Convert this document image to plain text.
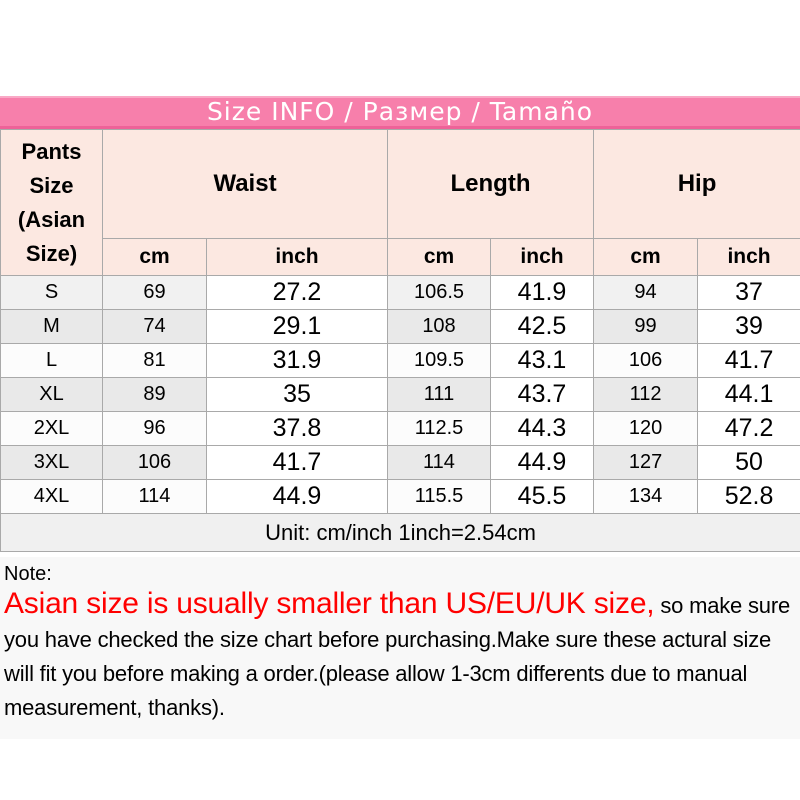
Size INFO / Размер / Tamaño
Pants Size (Asian Size)	Waist		Length		Hip	
	cm	inch	cm	inch	cm	inch
S	69	27.2	106.5	41.9	94	37
M	74	29.1	108	42.5	99	39
L	81	31.9	109.5	43.1	106	41.7
XL	89	35	111	43.7	112	44.1
2XL	96	37.8	112.5	44.3	120	47.2
3XL	106	41.7	114	44.9	127	50
4XL	114	44.9	115.5	45.5	134	52.8
Unit: cm/inch 1inch=2.54cm						
Note:

Asian size is usually smaller than US/EU/UK size, so make sure you have checked the size chart before purchasing.Make sure these actural size will fit you before making a order.(please allow 1-3cm differents due to manual measurement, thanks).
